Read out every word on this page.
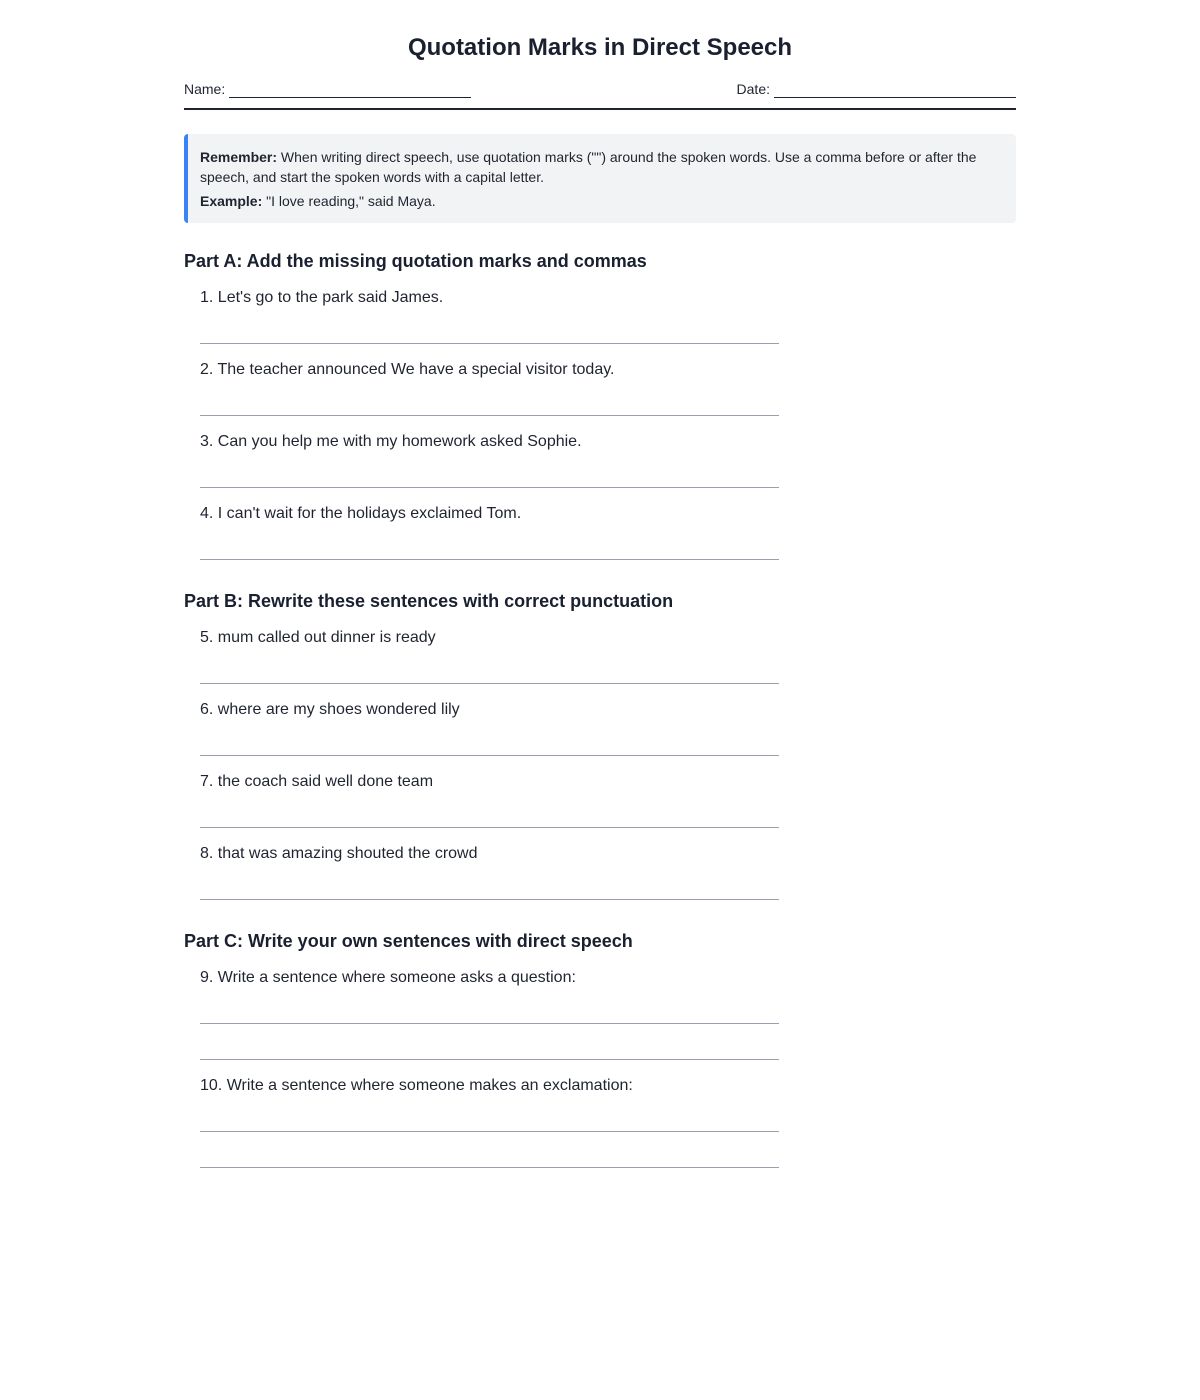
Quotation Marks in Direct Speech
Name:	Date:

Remember: When writing direct speech, use quotation marks ("") around the spoken words. Use a comma before or after the speech, and start the spoken words with a capital letter.

Example: "I love reading," said Maya.

Part A: Add the missing quotation marks and commas
1. Let's go to the park said James.
2. The teacher announced We have a special visitor today.
3. Can you help me with my homework asked Sophie.
4. I can't wait for the holidays exclaimed Tom.
Part B: Rewrite these sentences with correct punctuation
5. mum called out dinner is ready
6. where are my shoes wondered lily
7. the coach said well done team
8. that was amazing shouted the crowd
Part C: Write your own sentences with direct speech
9. Write a sentence where someone asks a question:
10. Write a sentence where someone makes an exclamation:
